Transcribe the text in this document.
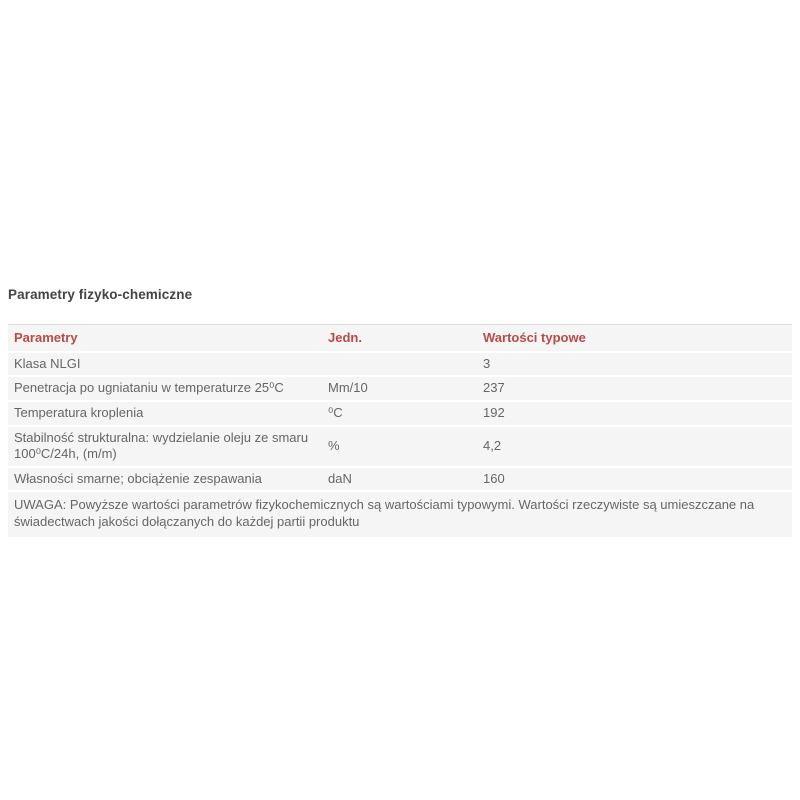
Parametry fizyko-chemiczne
Parametry	Jedn.	Wartości typowe
Klasa NLGI		3
Penetracja po ugniataniu w temperaturze 25⁰C	Mm/10	237
Temperatura kroplenia	⁰C	192
Stabilność strukturalna: wydzielanie oleju ze smaru 100⁰C/24h, (m/m)	%	4,2
Własności smarne; obciążenie zespawania	daN	160
UWAGA: Powyższe wartości parametrów fizykochemicznych są wartościami typowymi. Wartości rzeczywiste są umieszczane na świadectwach jakości dołączanych do każdej partii produktu		
